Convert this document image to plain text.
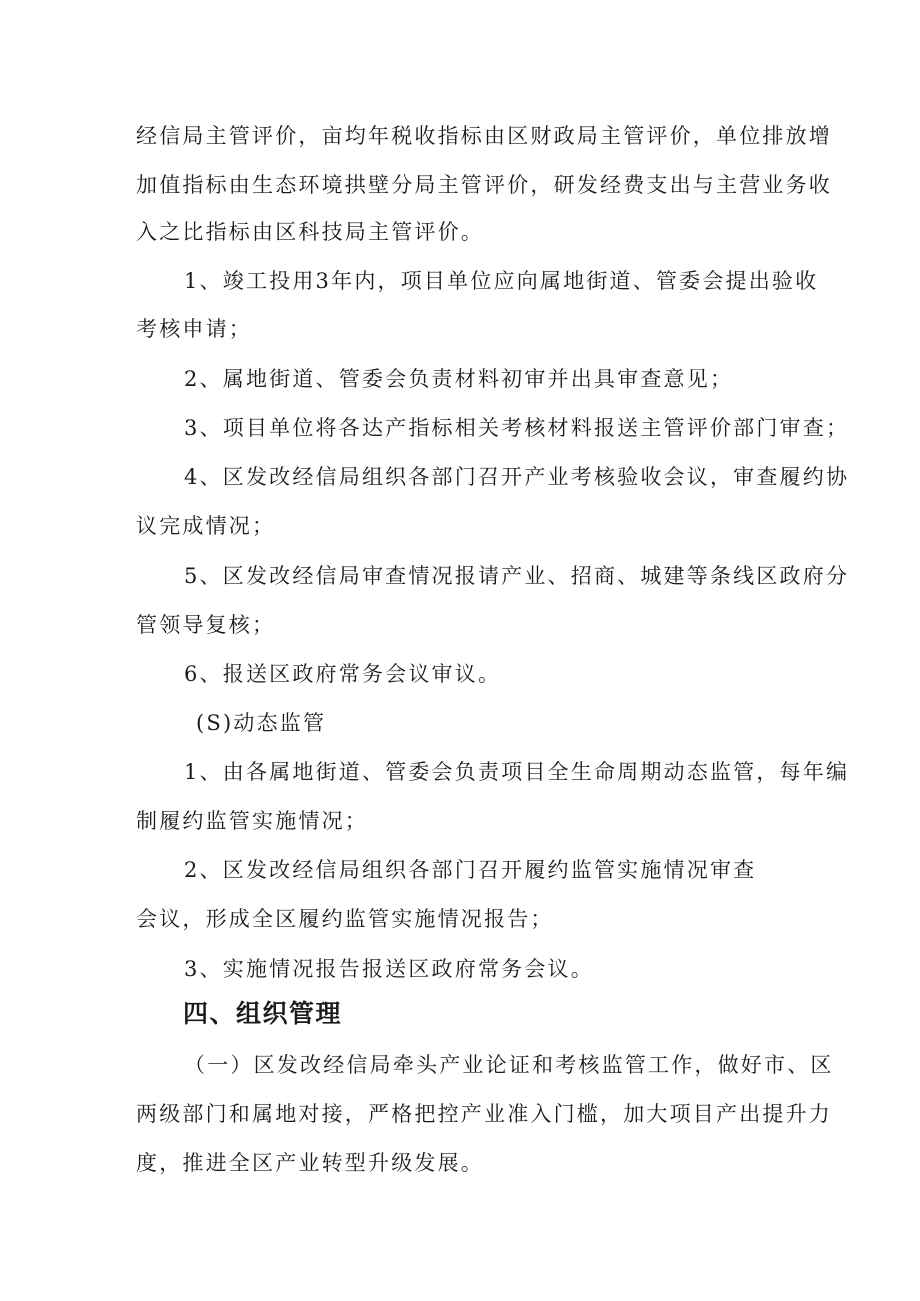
经信局主管评价，亩均年税收指标由区财政局主管评价，单位排放增
加值指标由生态环境拱壁分局主管评价，研发经费支出与主营业务收
入之比指标由区科技局主管评价。
1、竣工投用3年内，项目单位应向属地街道、管委会提出验收
考核申请；
2、属地街道、管委会负责材料初审并出具审查意见；
3、项目单位将各达产指标相关考核材料报送主管评价部门审查；
4、区发改经信局组织各部门召开产业考核验收会议，审查履约协
议完成情况；
5、区发改经信局审查情况报请产业、招商、城建等条线区政府分
管领导复核；
6、报送区政府常务会议审议。
(S)动态监管
1、由各属地街道、管委会负责项目全生命周期动态监管，每年编
制履约监管实施情况；
2、区发改经信局组织各部门召开履约监管实施情况审查
会议，形成全区履约监管实施情况报告；
3、实施情况报告报送区政府常务会议。
四、组织管理
（一）区发改经信局牵头产业论证和考核监管工作，做好市、区
两级部门和属地对接，严格把控产业准入门槛，加大项目产出提升力
度，推进全区产业转型升级发展。
